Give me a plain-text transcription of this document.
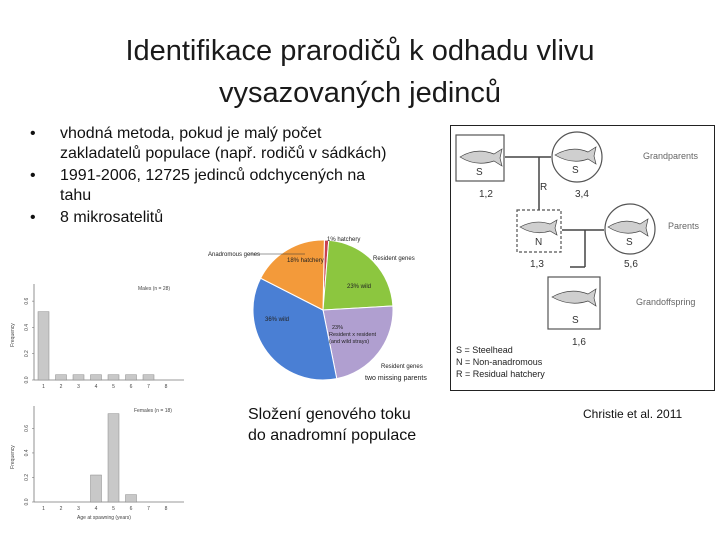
Identifikace prarodičů k odhadu vlivu vysazovaných jedinců
• vhodná metoda, pokud je malý počet zakladatelů populace (např. rodičů v sádkách)
• 1991-2006, 12725 jedinců odchycených na tahu
• 8 mikrosatelitů
Males (n = 28)
Frequency
0.0
0.2
0.4
0.6
1	2	3	4	5	6	7	8
Females (n = 18)
Frequency
Age at spawning (years)
0.0
0.2
0.4
0.6
1	2	3	4	5	6	7	8
Anadromous genes
Resident genes
1% hatchery
18% hatchery
23% wild
36% wild
23%
Resident x resident
(and wild strays)
Resident genes
two missing parents
R
S
1,2
S
3,4
Grandparents
N
1,3
S
5,6
Parents
S
1,6
Grandoffspring
S = Steelhead
N = Non-anadromous
R = Residual hatchery
Složení genového toku
do anadromní populace
Christie et al. 2011
